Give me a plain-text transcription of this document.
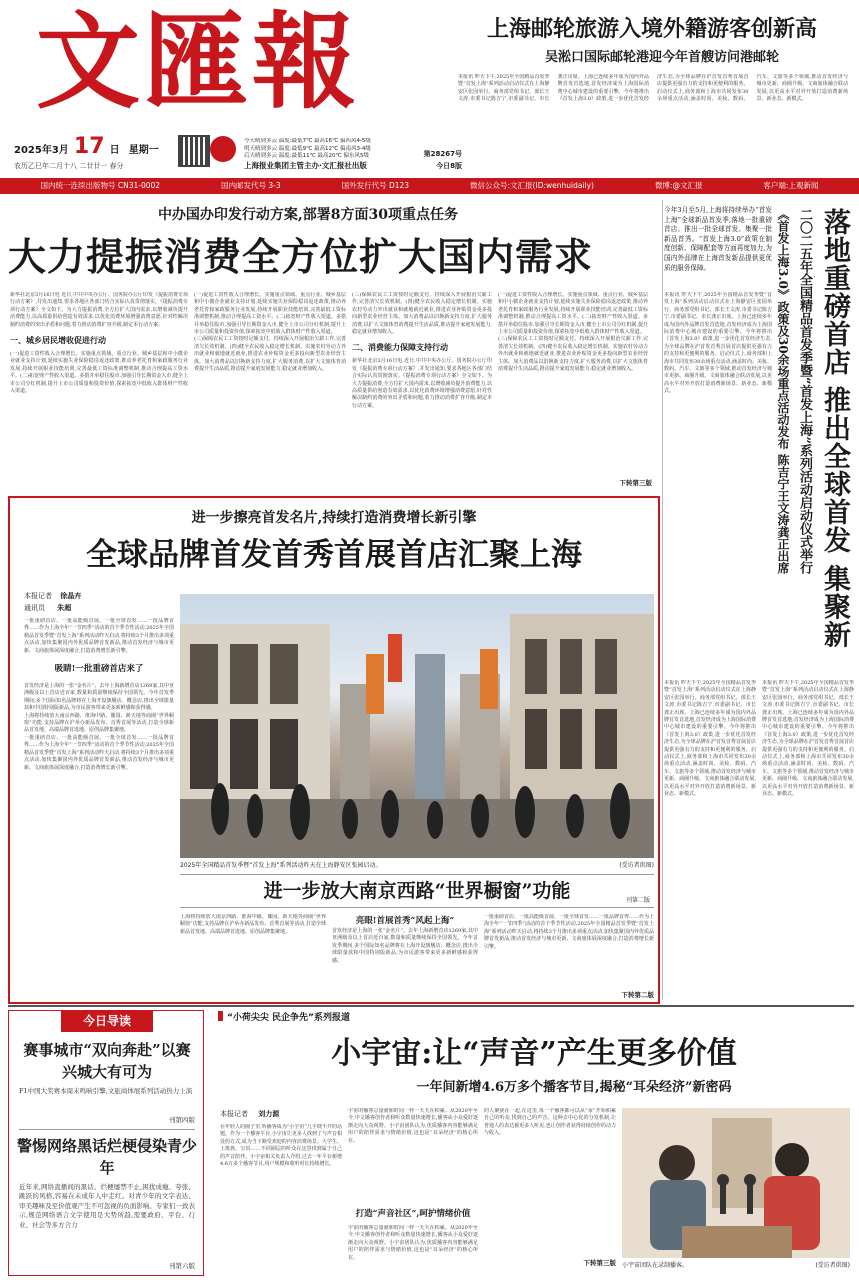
文匯報
2025年3月 17 日 星期一
农历乙巳年二月十八 二廿廿一 春分
今天晴到多云 温度:最低7℃ 最高16℃ 偏西风4-5级
明天晴到多云 温度:最低9℃ 最高12℃ 偏南风3-4级
后天晴到多云 温度:最低11℃ 最高20℃ 偏东风5级
上海报业集团主管主办·文汇报社出版
第28267号
今日8版
上海邮轮旅游入境外籍游客创新高
吴淞口国际邮轮港迎今年首艘访问港邮轮
本报讯 昨天下午,2025年全国精品首发季暨“首发上海”系列活动启动仪式在上海静安区张园举行。商务部党组书记、部长王文涛,市委书记陈吉宁,市委副书记、市长龚正出席。上海已连续多年成为国内外品牌首发首选地,首发经济成为上海国际消费中心城市建设的重要引擎。今年将推出《首发上海3.0》政策,进一步优化首发经济生态,为全球品牌在沪首发首秀首展首店提供更强有力的支持和更便利的服务。启动仪式上,商务部和上海市共同发布30余场重点活动,涵盖时尚、美妆、数码、汽车、文旅等多个领域,推动首发经济与城市更新、商圈升级、文商旅体融合联动发展,以更高水平对外开放打造消费新场景、新业态、新模式。
国内统一连续出版物号 CN31-0002	国内邮发代号 3-3	国外发行代号 D123	微信公众号:文汇报(ID:wenhuidaily)	微博:@文汇报	客户端:上观新闻
中办国办印发行动方案,部署8方面30项重点任务
大力提振消费全方位扩大国内需求
新华社北京3月16日电 近日,中共中央办公厅、国务院办公厅印发《提振消费专项行动方案》,并发出通知,要求各地区各部门结合实际认真贯彻落实。《提振消费专项行动方案》全文如下。为大力提振消费,全方位扩大国内需求,以增收减负提升消费能力,以高质量供给创造有效需求,以优化消费环境增强消费意愿,针对性解决制约消费的突出矛盾和问题,着力推动消费扩容升级,制定本行动方案。
一、城乡居民增收促进行动
(一)促进工资性收入合理增长。实施重点领域、重点行业、城乡基层和中小微企业就业支持计划,延续实施失业保险稳岗返还政策,推动养老托育和家政服务行业发展,持续开展职业技能培训,完善最低工资标准调整机制,推动合理提高工资水平。(二)拓宽财产性收入渠道。多措并举稳住股市,加强引导长期资金入市,健全上市公司分红机制,提升上市公司质量和投资价值,探索拓宽中低收入群体财产性收入渠道。
(一)促进工资性收入合理增长。实施重点领域、重点行业、城乡基层和中小微企业就业支持计划,延续实施失业保险稳岗返还政策,推动养老托育和家政服务行业发展,持续开展职业技能培训,完善最低工资标准调整机制,推动合理提高工资水平。(二)拓宽财产性收入渠道。多措并举稳住股市,加强引导长期资金入市,健全上市公司分红机制,提升上市公司质量和投资价值,探索拓宽中低收入群体财产性收入渠道。
(三)保障农民工工资按时足额支付。持续深入开展根治欠薪工作,完善清欠长效机制。(四)健全农民收入稳定增长机制。实施农村劳动力外出就业和就地就近就业,推进农业补贴资金更多投向新型农业经营主体。加大消费品以旧换新支持力度,扩大服务消费,以扩大文旅体育消费提升生活品质,推动提升家庭发展能力,稳定就业增加收入。
(三)保障农民工工资按时足额支付。持续深入开展根治欠薪工作,完善清欠长效机制。(四)健全农民收入稳定增长机制。实施农村劳动力外出就业和就地就近就业,推进农业补贴资金更多投向新型农业经营主体。加大消费品以旧换新支持力度,扩大服务消费,以扩大文旅体育消费提升生活品质,推动提升家庭发展能力,稳定就业增加收入。
二、消费能力保障支持行动
新华社北京3月16日电 近日,中共中央办公厅、国务院办公厅印发《提振消费专项行动方案》,并发出通知,要求各地区各部门结合实际认真贯彻落实。《提振消费专项行动方案》全文如下。为大力提振消费,全方位扩大国内需求,以增收减负提升消费能力,以高质量供给创造有效需求,以优化消费环境增强消费意愿,针对性解决制约消费的突出矛盾和问题,着力推动消费扩容升级,制定本行动方案。
(一)促进工资性收入合理增长。实施重点领域、重点行业、城乡基层和中小微企业就业支持计划,延续实施失业保险稳岗返还政策,推动养老托育和家政服务行业发展,持续开展职业技能培训,完善最低工资标准调整机制,推动合理提高工资水平。(二)拓宽财产性收入渠道。多措并举稳住股市,加强引导长期资金入市,健全上市公司分红机制,提升上市公司质量和投资价值,探索拓宽中低收入群体财产性收入渠道。
(三)保障农民工工资按时足额支付。持续深入开展根治欠薪工作,完善清欠长效机制。(四)健全农民收入稳定增长机制。实施农村劳动力外出就业和就地就近就业,推进农业补贴资金更多投向新型农业经营主体。加大消费品以旧换新支持力度,扩大服务消费,以扩大文旅体育消费提升生活品质,推动提升家庭发展能力,稳定就业增加收入。
下转第三版
今年3月至5月,上海将持续举办“首发上海”全球新品首发季,落地一批重磅首店、推出一批全球首发、集聚一批新品首秀。“首发上海3.0”政策在制度创新、保障配套等方面再度加力,为国内外品牌在上海首发新品提供更优质的服务保障。
本报讯 昨天下午,2025年全国精品首发季暨“首发上海”系列活动启动仪式在上海静安区张园举行。商务部党组书记、部长王文涛,市委书记陈吉宁,市委副书记、市长龚正出席。上海已连续多年成为国内外品牌首发首选地,首发经济成为上海国际消费中心城市建设的重要引擎。今年将推出《首发上海3.0》政策,进一步优化首发经济生态,为全球品牌在沪首发首秀首展首店提供更强有力的支持和更便利的服务。启动仪式上,商务部和上海市共同发布30余场重点活动,涵盖时尚、美妆、数码、汽车、文旅等多个领域,推动首发经济与城市更新、商圈升级、文商旅体融合联动发展,以更高水平对外开放打造消费新场景、新业态、新模式。
落地重磅首店 推出全球首发 集聚新
二〇二五年全国精品首发季暨“首发上海”系列活动启动仪式举行
《首发上海3.0》政策及30余场重点活动发布 陈吉宁王文涛龚正出席
进一步擦亮首发名片,持续打造消费增长新引擎
全球品牌首发首秀首展首店汇聚上海
本报记者 徐晶卉
通讯员 朱超
一批重磅首店、一批高能级首展、一批全球首发……一批品牌首秀……作为上海全年“一节四季”活动的首个季节性活动,2025年全国精品首发季暨“首发上海”系列活动昨天启动,将持续3个月推出多项重点活动,加快集聚国内外优质品牌首发新品,推动首发经济与城市更新、文商旅体展深度融合,打造消费增长新引擎。
吸睛!一批重磅首店来了
首发经济是上海的一张“金名片”。去年上海新增首店1269家,其中亚洲级及以上首店近百家,数量和质量继续保持全国领先。今年首发季期间,多个国际知名品牌将在上海开设旗舰店、概念店,推出全球限量款和中国特别版新品,为市民游客带来更多新鲜感和获得感。
上海将持续放大南京西路、淮海中路、豫园、新天地等商圈“世界橱窗”功能,支持品牌在沪举办新品发布、首秀首展等活动,打造全球新品首发地、高端品牌首选地、原创品牌集聚地。
一批重磅首店、一批高能级首展、一批全球首发……一批品牌首秀……作为上海全年“一节四季”活动的首个季节性活动,2025年全国精品首发季暨“首发上海”系列活动昨天启动,将持续3个月推出多项重点活动,加快集聚国内外优质品牌首发新品,推动首发经济与城市更新、文商旅体展深度融合,打造消费增长新引擎。
2025年全国精品首发季暨“首发上海”系列活动昨天在上海静安区张园启动。	(受访者供图)
进一步放大南京西路“世界橱窗”功能	刊第二版
上海将持续放大南京西路、淮海中路、豫园、新天地等商圈“世界橱窗”功能,支持品牌在沪举办新品发布、首秀首展等活动,打造全球新品首发地、高端品牌首选地、原创品牌集聚地。
亮眼!首展首秀“风起上海”
首发经济是上海的一张“金名片”。去年上海新增首店1269家,其中亚洲级及以上首店近百家,数量和质量继续保持全国领先。今年首发季期间,多个国际知名品牌将在上海开设旗舰店、概念店,推出全球限量款和中国特别版新品,为市民游客带来更多新鲜感和获得感。
一批重磅首店、一批高能级首展、一批全球首发……一批品牌首秀……作为上海全年“一节四季”活动的首个季节性活动,2025年全国精品首发季暨“首发上海”系列活动昨天启动,将持续3个月推出多项重点活动,加快集聚国内外优质品牌首发新品,推动首发经济与城市更新、文商旅体展深度融合,打造消费增长新引擎。
下转第二版
本报讯 昨天下午,2025年全国精品首发季暨“首发上海”系列活动启动仪式在上海静安区张园举行。商务部党组书记、部长王文涛,市委书记陈吉宁,市委副书记、市长龚正出席。上海已连续多年成为国内外品牌首发首选地,首发经济成为上海国际消费中心城市建设的重要引擎。今年将推出《首发上海3.0》政策,进一步优化首发经济生态,为全球品牌在沪首发首秀首展首店提供更强有力的支持和更便利的服务。启动仪式上,商务部和上海市共同发布30余场重点活动,涵盖时尚、美妆、数码、汽车、文旅等多个领域,推动首发经济与城市更新、商圈升级、文商旅体融合联动发展,以更高水平对外开放打造消费新场景、新业态、新模式。
本报讯 昨天下午,2025年全国精品首发季暨“首发上海”系列活动启动仪式在上海静安区张园举行。商务部党组书记、部长王文涛,市委书记陈吉宁,市委副书记、市长龚正出席。上海已连续多年成为国内外品牌首发首选地,首发经济成为上海国际消费中心城市建设的重要引擎。今年将推出《首发上海3.0》政策,进一步优化首发经济生态,为全球品牌在沪首发首秀首展首店提供更强有力的支持和更便利的服务。启动仪式上,商务部和上海市共同发布30余场重点活动,涵盖时尚、美妆、数码、汽车、文旅等多个领域,推动首发经济与城市更新、商圈升级、文商旅体融合联动发展,以更高水平对外开放打造消费新场景、新业态、新模式。
今日导读
赛事城市“双向奔赴”以赛兴城大有可为
F1中国大奖赛本周末鸣响引擎,文旅商体展系列活动热力上演
刊第四版
警惕网络黑话烂梗侵染青少年
近年来,网络直播间的黑话、烂梗屡禁不止,困扰成瘾、夸张、跳跃的风格,容易在未成年人中走红。对青少年的文字表达、审美趣味及至价值观产生不可忽视的负面影响。专家们一致表示,规范网络语言文字使用是大势所趋,需要政府、平台、行业、社会等多方合力
刊第六版
“小荷尖尖 民企争先”系列报道
小宇宙:让“声音”产生更多价值
一年间新增4.6万多个播客节目,揭秘“耳朵经济”新密码
本报记者 刘力源
在年轻人的圈子里,听播客成为“小宇宙”几乎绕不开的话题。作为一个播客平台,小宇宙让更多人找到了与声音相处的方式,成为当下颇受欢迎的内容消费场景。大学生、上班族、宝妈……不同圈层的听众在这里找到属于自己的声音陪伴。小宇宙相关负责人介绍,过去一年平台新增4.6万多个播客节目,用户规模和收听时长持续增长。
宇宙的播客总量就和时间一样一天天在积累。从2020年至今,中文播客创作者和听众数量快速增长,播客从小众爱好逐渐走向大众视野。小宇宙团队认为,优质播客内容能够满足用户的陪伴需求与情绪价值,这也是“耳朵经济”的核心所在。
打造“声音社区”,呵护情绪价值
宇宙的播客总量就和时间一样一天天在积累。从2020年至今,中文播客创作者和听众数量快速增长,播客从小众爱好逐渐走向大众视野。小宇宙团队认为,优质播客内容能够满足用户的陪伴需求与情绪价值,这也是“耳朵经济”的核心所在。
的人聚拢在一起,在这里,每一个播客都可以从“零”开始积累自己的听众,找到自己的声音。这种去中心化的分发机制,让普通人的表达被更多人听见,也让创作者获得持续创作的动力与收入。
下转第三版 小宇宙团队在录制播客。	(受访者供图)
